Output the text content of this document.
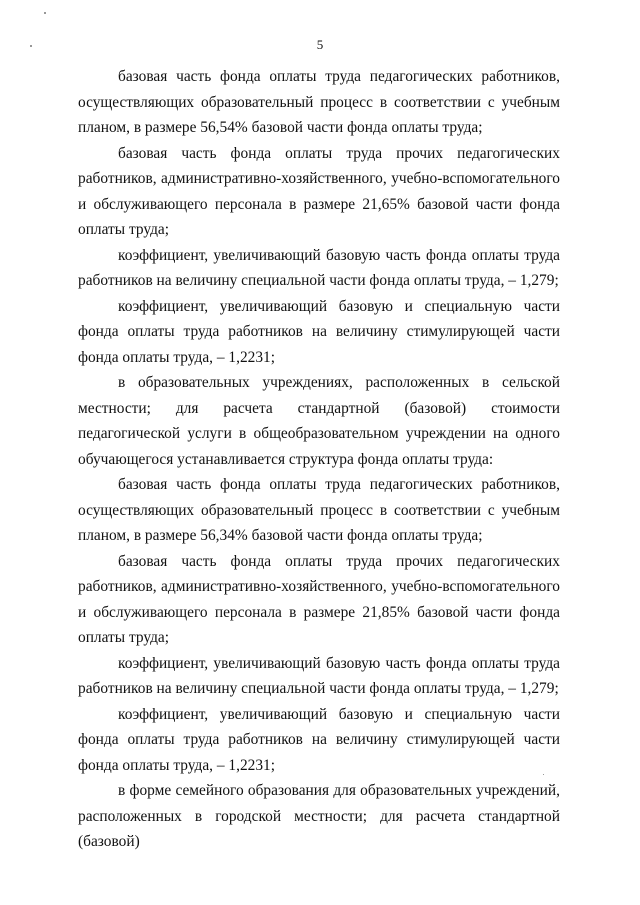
5

базовая часть фонда оплаты труда педагогических работников, осуществляющих образовательный процесс в соответствии с учебным планом, в размере 56,54% базовой части фонда оплаты труда;

базовая часть фонда оплаты труда прочих педагогических работников, административно-хозяйственного, учебно-вспомогательного и обслуживающего персонала в размере 21,65% базовой части фонда оплаты труда;

коэффициент, увеличивающий базовую часть фонда оплаты труда работников на величину специальной части фонда оплаты труда, – 1,279;

коэффициент, увеличивающий базовую и специальную части фонда оплаты труда работников на величину стимулирующей части фонда оплаты труда, – 1,2231;

в образовательных учреждениях, расположенных в сельской местности; для расчета стандартной (базовой) стоимости педагогической услуги в общеобразовательном учреждении на одного обучающегося устанавливается структура фонда оплаты труда:

базовая часть фонда оплаты труда педагогических работников, осуществляющих образовательный процесс в соответствии с учебным планом, в размере 56,34% базовой части фонда оплаты труда;

базовая часть фонда оплаты труда прочих педагогических работников, административно-хозяйственного, учебно-вспомогательного и обслуживающего персонала в размере 21,85% базовой части фонда оплаты труда;

коэффициент, увеличивающий базовую часть фонда оплаты труда работников на величину специальной части фонда оплаты труда, – 1,279;

коэффициент, увеличивающий базовую и специальную части фонда оплаты труда работников на величину стимулирующей части фонда оплаты труда, – 1,2231;

в форме семейного образования для образовательных учреждений, расположенных в городской местности; для расчета стандартной (базовой)
